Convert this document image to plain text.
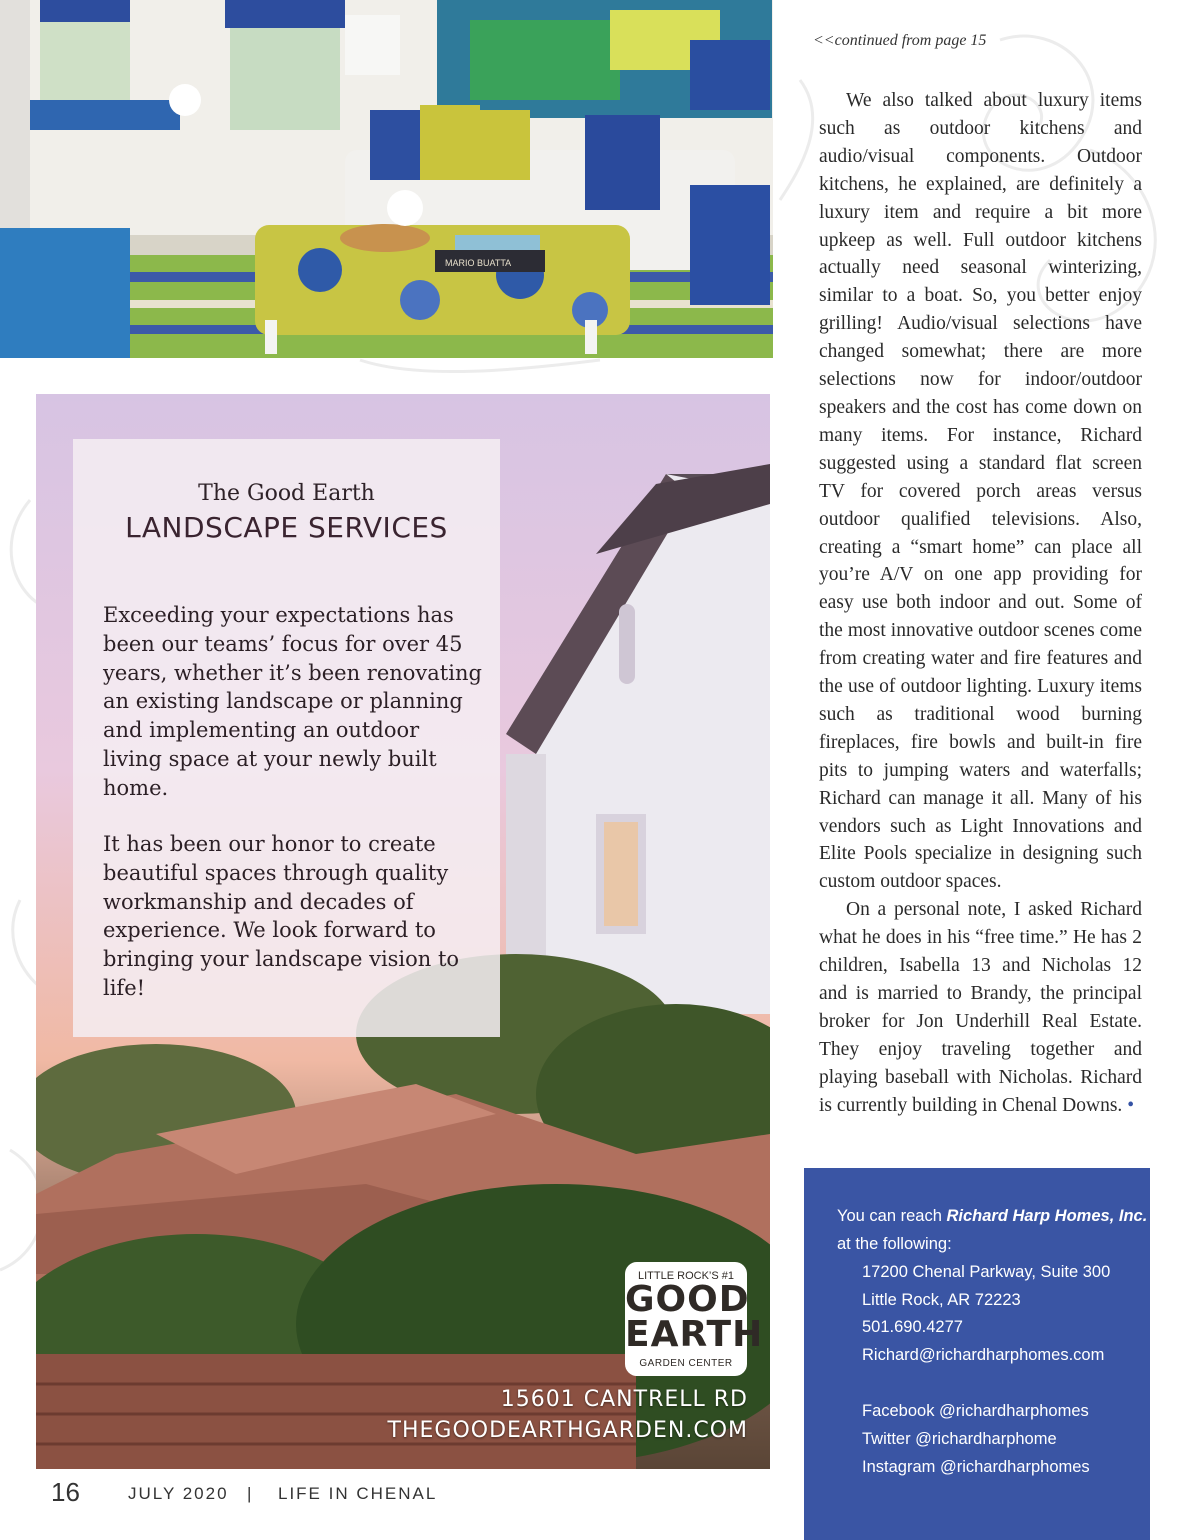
MARIO BUATTA
The Good Earth
LANDSCAPE SERVICES
Exceeding your expectations has been our teams’ focus for over 45 years, whether it’s been renovating an existing landscape or planning and implementing an outdoor living space at your newly built home.
It has been our honor to create beautiful spaces through quality workmanship and decades of experience. We look forward to bringing your landscape vision to life!
LITTLE ROCK’S #1
GOOD
EARTH
GARDEN CENTER
15601 CANTRELL RD
THEGOODEARTHGARDEN.COM
<<continued from page 15

We also talked about luxury items such as outdoor kitchens and audio/visual components. Outdoor kitchens, he explained, are definitely a luxury item and require a bit more upkeep as well. Full outdoor kitchens actually need seasonal winterizing, similar to a boat. So, you better enjoy grilling! Audio/visual selections have changed somewhat; there are more selections now for indoor/outdoor speakers and the cost has come down on many items. For instance, Richard suggested using a standard flat screen TV for covered porch areas versus outdoor qualified televisions. Also, creating a “smart home” can place all you’re A/V on one app providing for easy use both indoor and out. Some of the most innovative outdoor scenes come from creating water and fire features and the use of outdoor lighting. Luxury items such as traditional wood burning fireplaces, fire bowls and built-in fire pits to jumping waters and waterfalls; Richard can manage it all. Many of his vendors such as Light Innovations and Elite Pools specialize in designing such custom outdoor spaces.

On a personal note, I asked Richard what he does in his “free time.” He has 2 children, Isabella 13 and Nicholas 12 and is married to Brandy, the principal broker for Jon Underhill Real Estate. They enjoy traveling together and playing baseball with Nicholas. Richard is currently building in Chenal Downs. •

You can reach Richard Harp Homes, Inc.
at the following:
17200 Chenal Parkway, Suite 300
Little Rock, AR 72223
501.690.4277
Richard@richardharphomes.com
Facebook @richardharphomes
Twitter @richardharphome
Instagram @richardharphomes
16	JULY 2020 | LIFE IN CHENAL
